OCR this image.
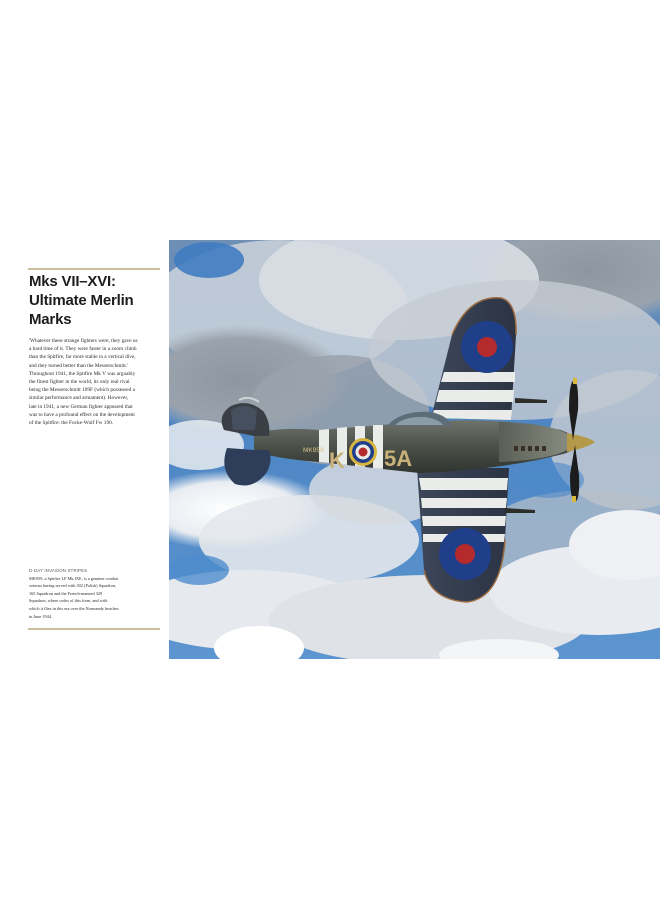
Mks VII–XVI:
Ultimate Merlin
Marks
'Whatever these strange fighters were, they gave us
a hard time of it. They were faster in a zoom climb
than the Spitfire, far more stable in a vertical dive,
and they turned better than the Messerschmitt.'
Throughout 1941, the Spitfire Mk V was arguably
the finest fighter in the world, its only real rival
being the Messerschmitt 109F (which possessed a
similar performance and armament). However,
late in 1941, a new German fighter appeared that
was to have a profound effect on the development
of the Spitfire: the Focke-Wulf Fw 190.
D-DAY INVASION STRIPES
MK959, a Spitfire LF Mk IXE, is a genuine combat
veteran having served with 302 (Polish) Squadron,
165 Squadron and the French-manned 329
Squadron, where codes of this form, and with
which it flies in this era over the Normandy beaches
in June 1944.
MK959 K 5A
